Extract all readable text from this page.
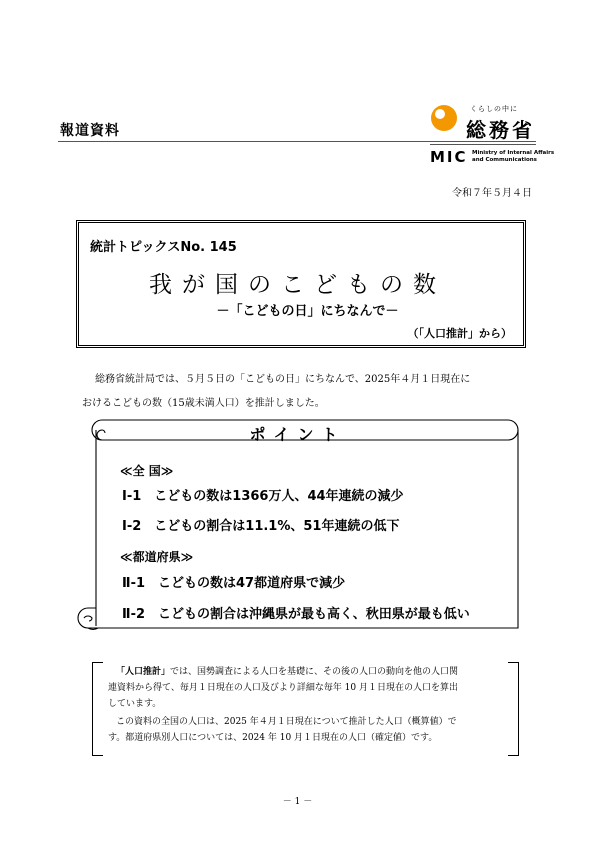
報道資料
くらしの中に
総務省
MIC Ministry of Internal Affairs
and Communications
令和７年５月４日
統計トピックスNo. 145
我が国のこどもの数
－「こどもの日」にちなんで－
（「人口推計」から）
総務省統計局では、５月５日の「こどもの日」にちなんで、2025年４月１日現在に
おけるこどもの数（15歳未満人口）を推計しました。
ポイント
≪全 国≫
Ⅰ-1　こどもの数は1366万人、44年連続の減少
Ⅰ-2　こどもの割合は11.1%、51年連続の低下
≪都道府県≫
Ⅱ-1　こどもの数は47都道府県で減少
Ⅱ-2　こどもの割合は沖縄県が最も高く、秋田県が最も低い
「人口推計」では、国勢調査による人口を基礎に、その後の人口の動向を他の人口関
連資料から得て、毎月１日現在の人口及びより詳細な毎年 10 月１日現在の人口を算出
しています。
この資料の全国の人口は、2025 年４月１日現在について推計した人口（概算値）で
す。都道府県別人口については、2024 年 10 月１日現在の人口（確定値）です。
－ 1 －
